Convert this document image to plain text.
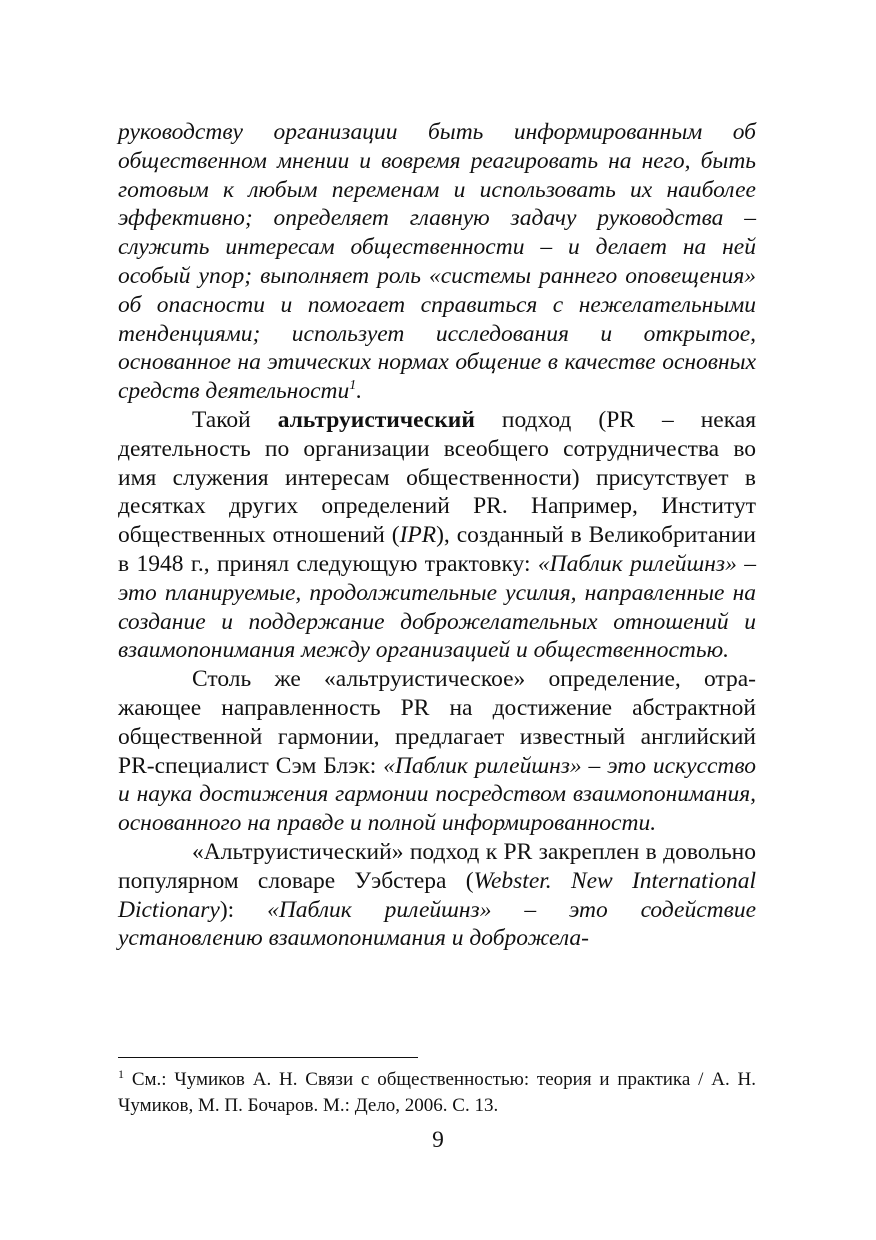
руководству организации быть информированным об общественном мнении и вовремя реагировать на него, быть готовым к любым переменам и использовать их наиболее эффективно; определяет главную задачу руководства – служить интересам общественности – и делает на ней особый упор; выполняет роль «системы раннего оповещения» об опасности и помогает справиться с нежелательными тенденциями; использует исследования и открытое, основанное на этических нормах общение в качестве основных средств деятельности$^1$.

Такой альтруистический подход (PR – некая деятельность по организации всеобщего сотрудничества во имя служения интересам общественности) присутствует в десятках других определений PR. Например, Институт общественных отношений (IPR), созданный в Великобритании в 1948 г., принял следующую трактовку: «Паблик рилейшнз» – это планируемые, продолжительные усилия, направленные на создание и поддержание доброжелательных отношений и взаимопонимания между организацией и общественностью.

Столь же «альтруистическое» определение, отражающее направленность PR на достижение абстрактной общественной гармонии, предлагает известный английский PR-специалист Сэм Блэк: «Паблик рилейшнз» – это искусство и наука достижения гармонии посредством взаимопонимания, основанного на правде и полной информированности.

«Альтруистический» подход к PR закреплен в довольно популярном словаре Уэбстера (Webster. New International Dictionary): «Паблик рилейшнз» – это содействие установлению взаимопонимания и доброжела-

$^1$ См.: Чумиков А. Н. Связи с общественностью: теория и практика / А. Н. Чумиков, М. П. Бочаров. М.: Дело, 2006. С. 13.

9
